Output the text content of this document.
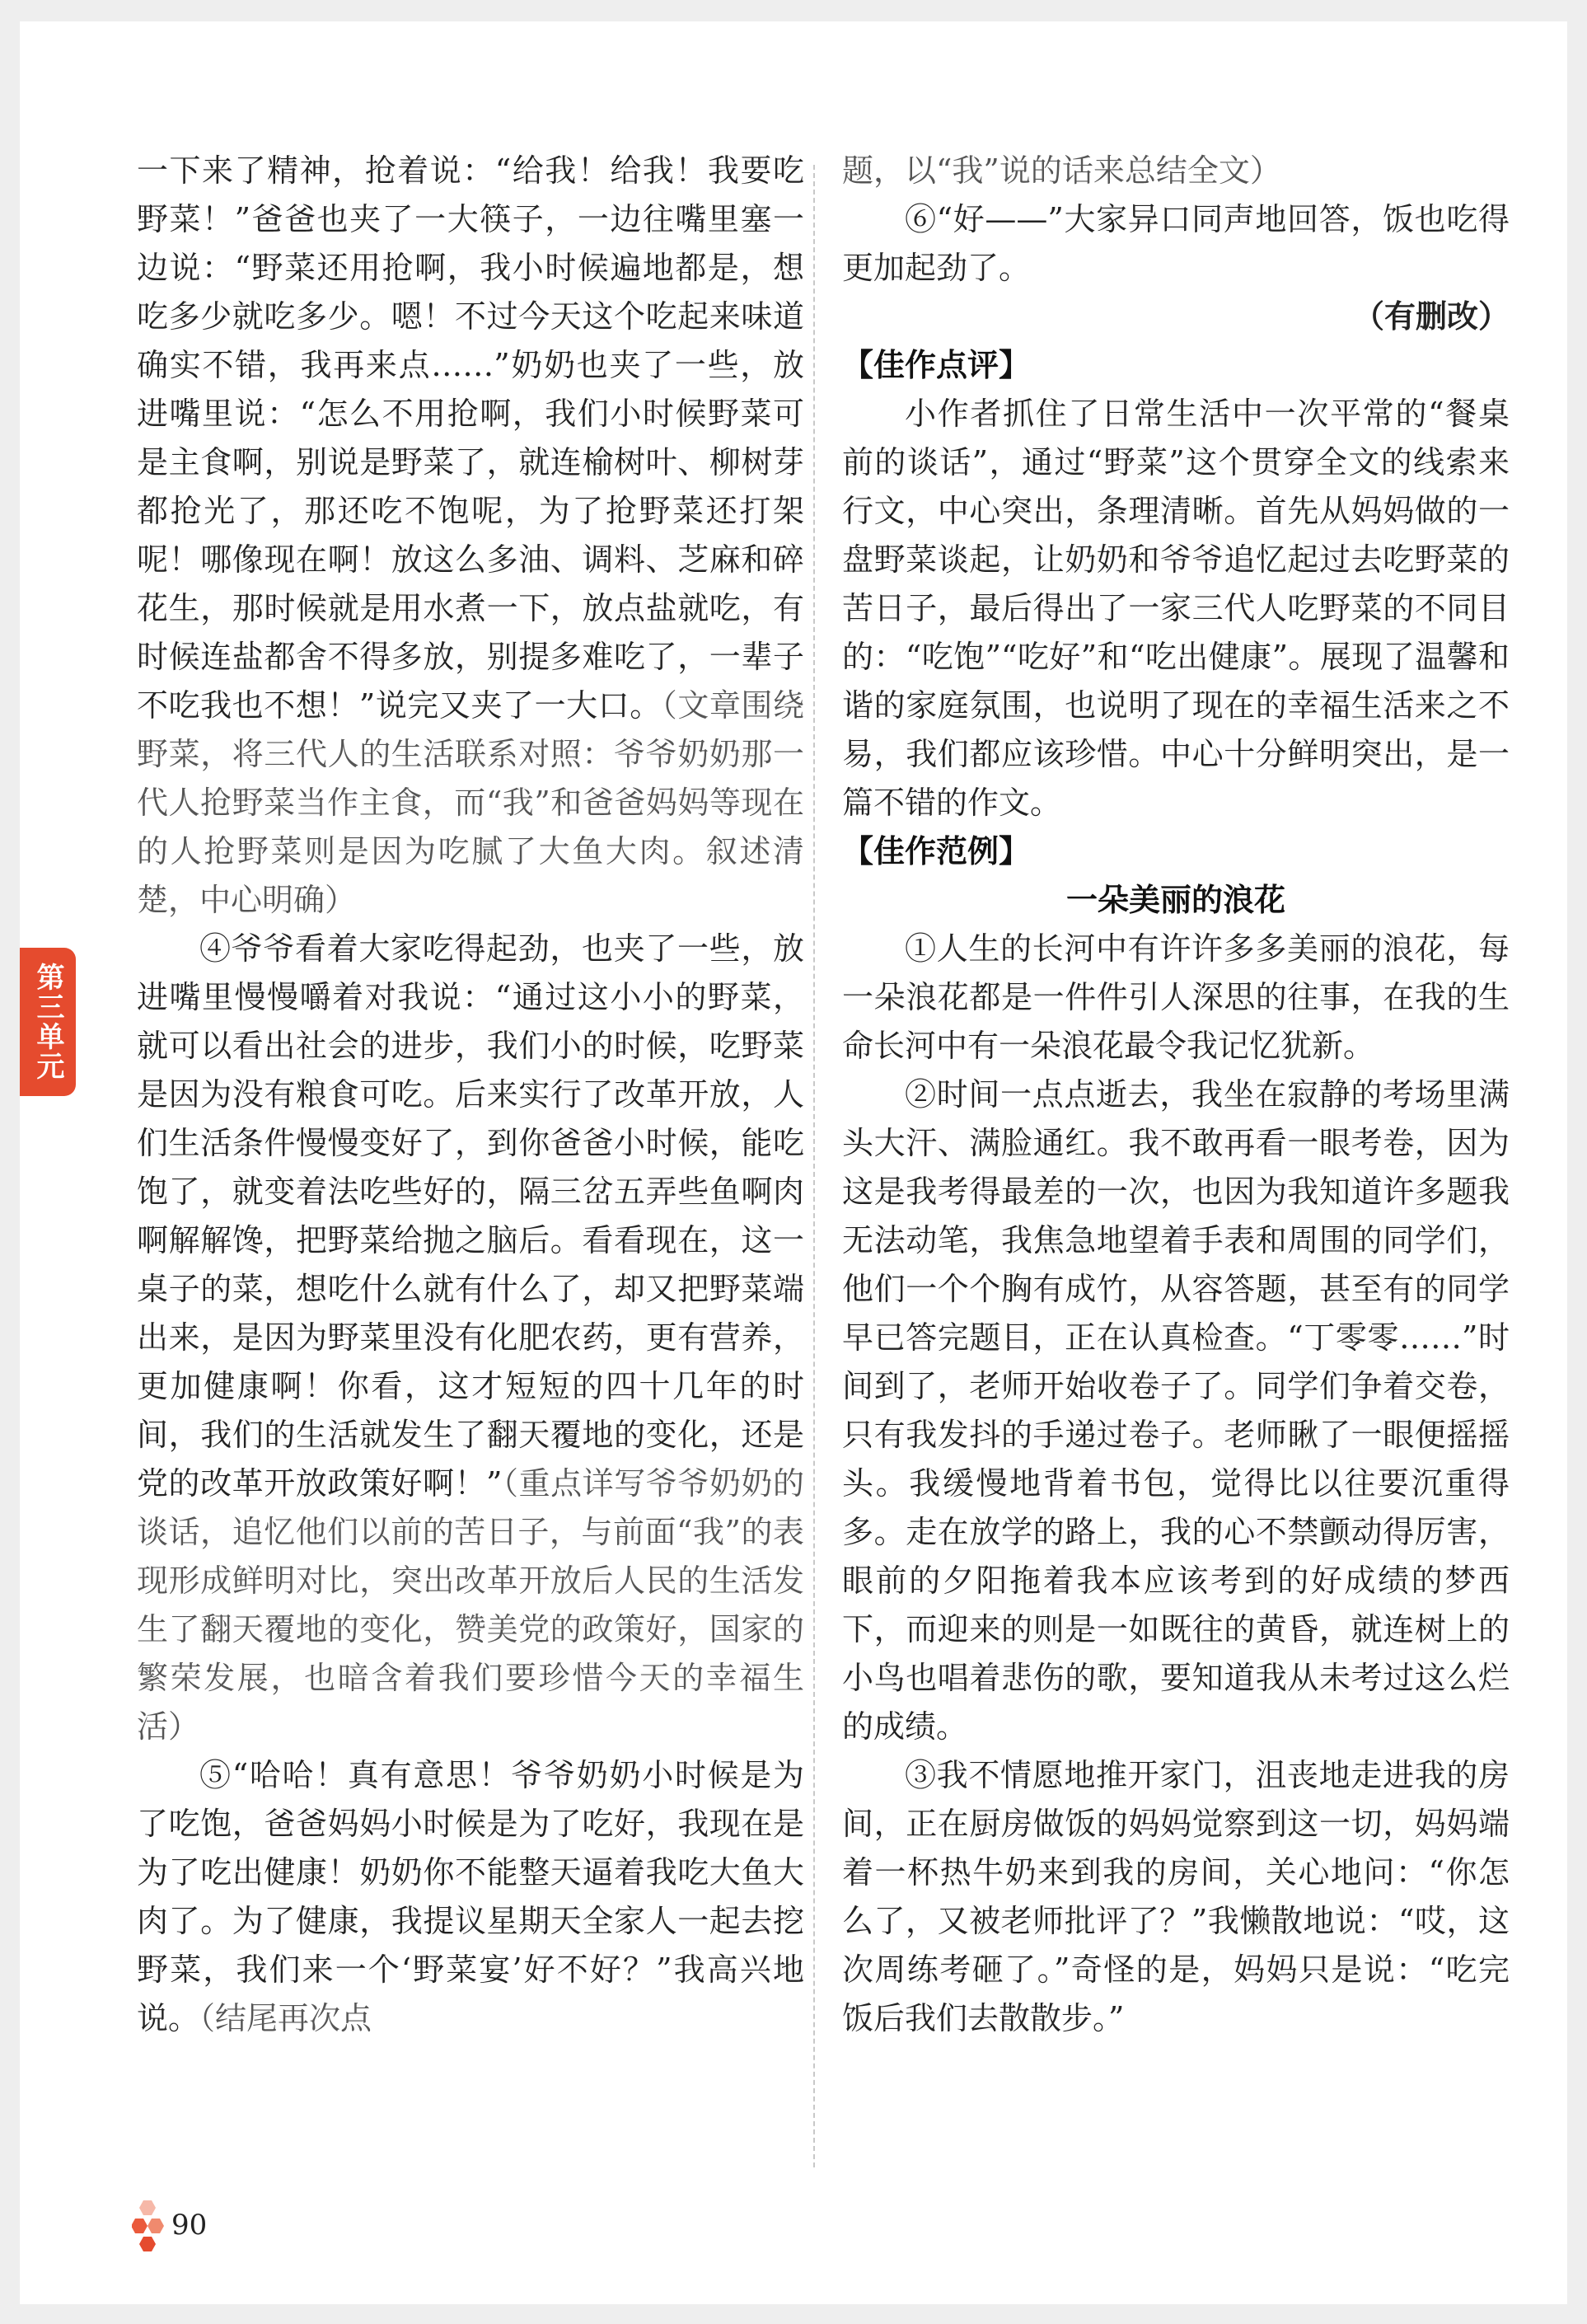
一下来了精神，抢着说：“给我！给我！我要吃野菜！”爸爸也夹了一大筷子，一边往嘴里塞一边说：“野菜还用抢啊，我小时候遍地都是，想吃多少就吃多少。嗯！不过今天这个吃起来味道确实不错，我再来点……”奶奶也夹了一些，放进嘴里说：“怎么不用抢啊，我们小时候野菜可是主食啊，别说是野菜了，就连榆树叶、柳树芽都抢光了，那还吃不饱呢，为了抢野菜还打架呢！哪像现在啊！放这么多油、调料、芝麻和碎花生，那时候就是用水煮一下，放点盐就吃，有时候连盐都舍不得多放，别提多难吃了，一辈子不吃我也不想！”说完又夹了一大口。（文章围绕野菜，将三代人的生活联系对照：爷爷奶奶那一代人抢野菜当作主食，而“我”和爸爸妈妈等现在的人抢野菜则是因为吃腻了大鱼大肉。叙述清楚，中心明确）

④爷爷看着大家吃得起劲，也夹了一些，放进嘴里慢慢嚼着对我说：“通过这小小的野菜，就可以看出社会的进步，我们小的时候，吃野菜是因为没有粮食可吃。后来实行了改革开放，人们生活条件慢慢变好了，到你爸爸小时候，能吃饱了，就变着法吃些好的，隔三岔五弄些鱼啊肉啊解解馋，把野菜给抛之脑后。看看现在，这一桌子的菜，想吃什么就有什么了，却又把野菜端出来，是因为野菜里没有化肥农药，更有营养，更加健康啊！你看，这才短短的四十几年的时间，我们的生活就发生了翻天覆地的变化，还是党的改革开放政策好啊！”（重点详写爷爷奶奶的谈话，追忆他们以前的苦日子，与前面“我”的表现形成鲜明对比，突出改革开放后人民的生活发生了翻天覆地的变化，赞美党的政策好，国家的繁荣发展，也暗含着我们要珍惜今天的幸福生活）

⑤“哈哈！真有意思！爷爷奶奶小时候是为了吃饱，爸爸妈妈小时候是为了吃好，我现在是为了吃出健康！奶奶你不能整天逼着我吃大鱼大肉了。为了健康，我提议星期天全家人一起去挖野菜，我们来一个‘野菜宴’好不好？”我高兴地说。（结尾再次点

题，以“我”说的话来总结全文）

⑥“好——”大家异口同声地回答，饭也吃得更加起劲了。

（有删改）

【佳作点评】

小作者抓住了日常生活中一次平常的“餐桌前的谈话”，通过“野菜”这个贯穿全文的线索来行文，中心突出，条理清晰。首先从妈妈做的一盘野菜谈起，让奶奶和爷爷追忆起过去吃野菜的苦日子，最后得出了一家三代人吃野菜的不同目的：“吃饱”“吃好”和“吃出健康”。展现了温馨和谐的家庭氛围，也说明了现在的幸福生活来之不易，我们都应该珍惜。中心十分鲜明突出，是一篇不错的作文。

【佳作范例】

一朵美丽的浪花

①人生的长河中有许许多多美丽的浪花，每一朵浪花都是一件件引人深思的往事，在我的生命长河中有一朵浪花最令我记忆犹新。

②时间一点点逝去，我坐在寂静的考场里满头大汗、满脸通红。我不敢再看一眼考卷，因为这是我考得最差的一次，也因为我知道许多题我无法动笔，我焦急地望着手表和周围的同学们，他们一个个胸有成竹，从容答题，甚至有的同学早已答完题目，正在认真检查。“丁零零……”时间到了，老师开始收卷子了。同学们争着交卷，只有我发抖的手递过卷子。老师瞅了一眼便摇摇头。我缓慢地背着书包，觉得比以往要沉重得多。走在放学的路上，我的心不禁颤动得厉害，眼前的夕阳拖着我本应该考到的好成绩的梦西下，而迎来的则是一如既往的黄昏，就连树上的小鸟也唱着悲伤的歌，要知道我从未考过这么烂的成绩。

③我不情愿地推开家门，沮丧地走进我的房间，正在厨房做饭的妈妈觉察到这一切，妈妈端着一杯热牛奶来到我的房间，关心地问：“你怎么了，又被老师批评了？”我懒散地说：“哎，这次周练考砸了。”奇怪的是，妈妈只是说：“吃完饭后我们去散散步。”

第三单元
90
